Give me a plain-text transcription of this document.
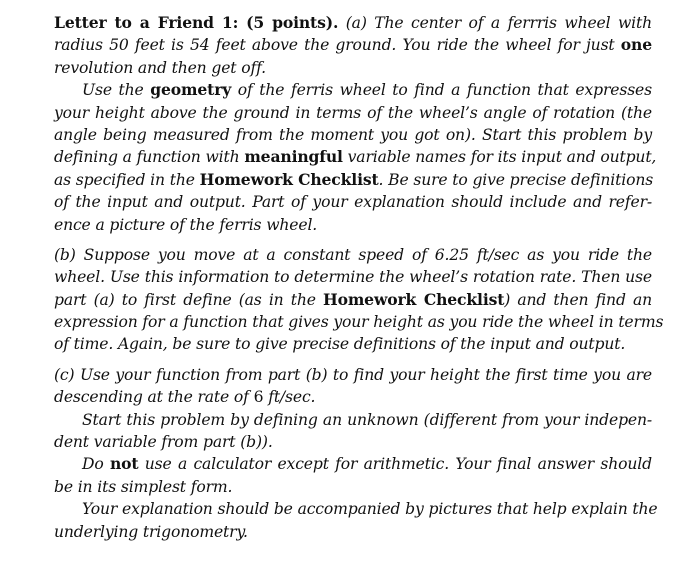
Letter to a Friend 1: (5 points). (a) The center of a ferrris wheel with
radius 50 feet is 54 feet above the ground. You ride the wheel for just one
revolution and then get off.
Use the geometry of the ferris wheel to find a function that expresses
your height above the ground in terms of the wheel’s angle of rotation (the
angle being measured from the moment you got on). Start this problem by
defining a function with meaningful variable names for its input and output,
as specified in the Homework Checklist. Be sure to give precise definitions
of the input and output. Part of your explanation should include and refer-
ence a picture of the ferris wheel.
(b) Suppose you move at a constant speed of 6.25 ft/sec as you ride the
wheel. Use this information to determine the wheel’s rotation rate. Then use
part (a) to first define (as in the Homework Checklist) and then find an
expression for a function that gives your height as you ride the wheel in terms
of time. Again, be sure to give precise definitions of the input and output.
(c) Use your function from part (b) to find your height the first time you are
descending at the rate of 6 ft/sec.
Start this problem by defining an unknown (different from your indepen-
dent variable from part (b)).
Do not use a calculator except for arithmetic. Your final answer should
be in its simplest form.
Your explanation should be accompanied by pictures that help explain the
underlying trigonometry.
